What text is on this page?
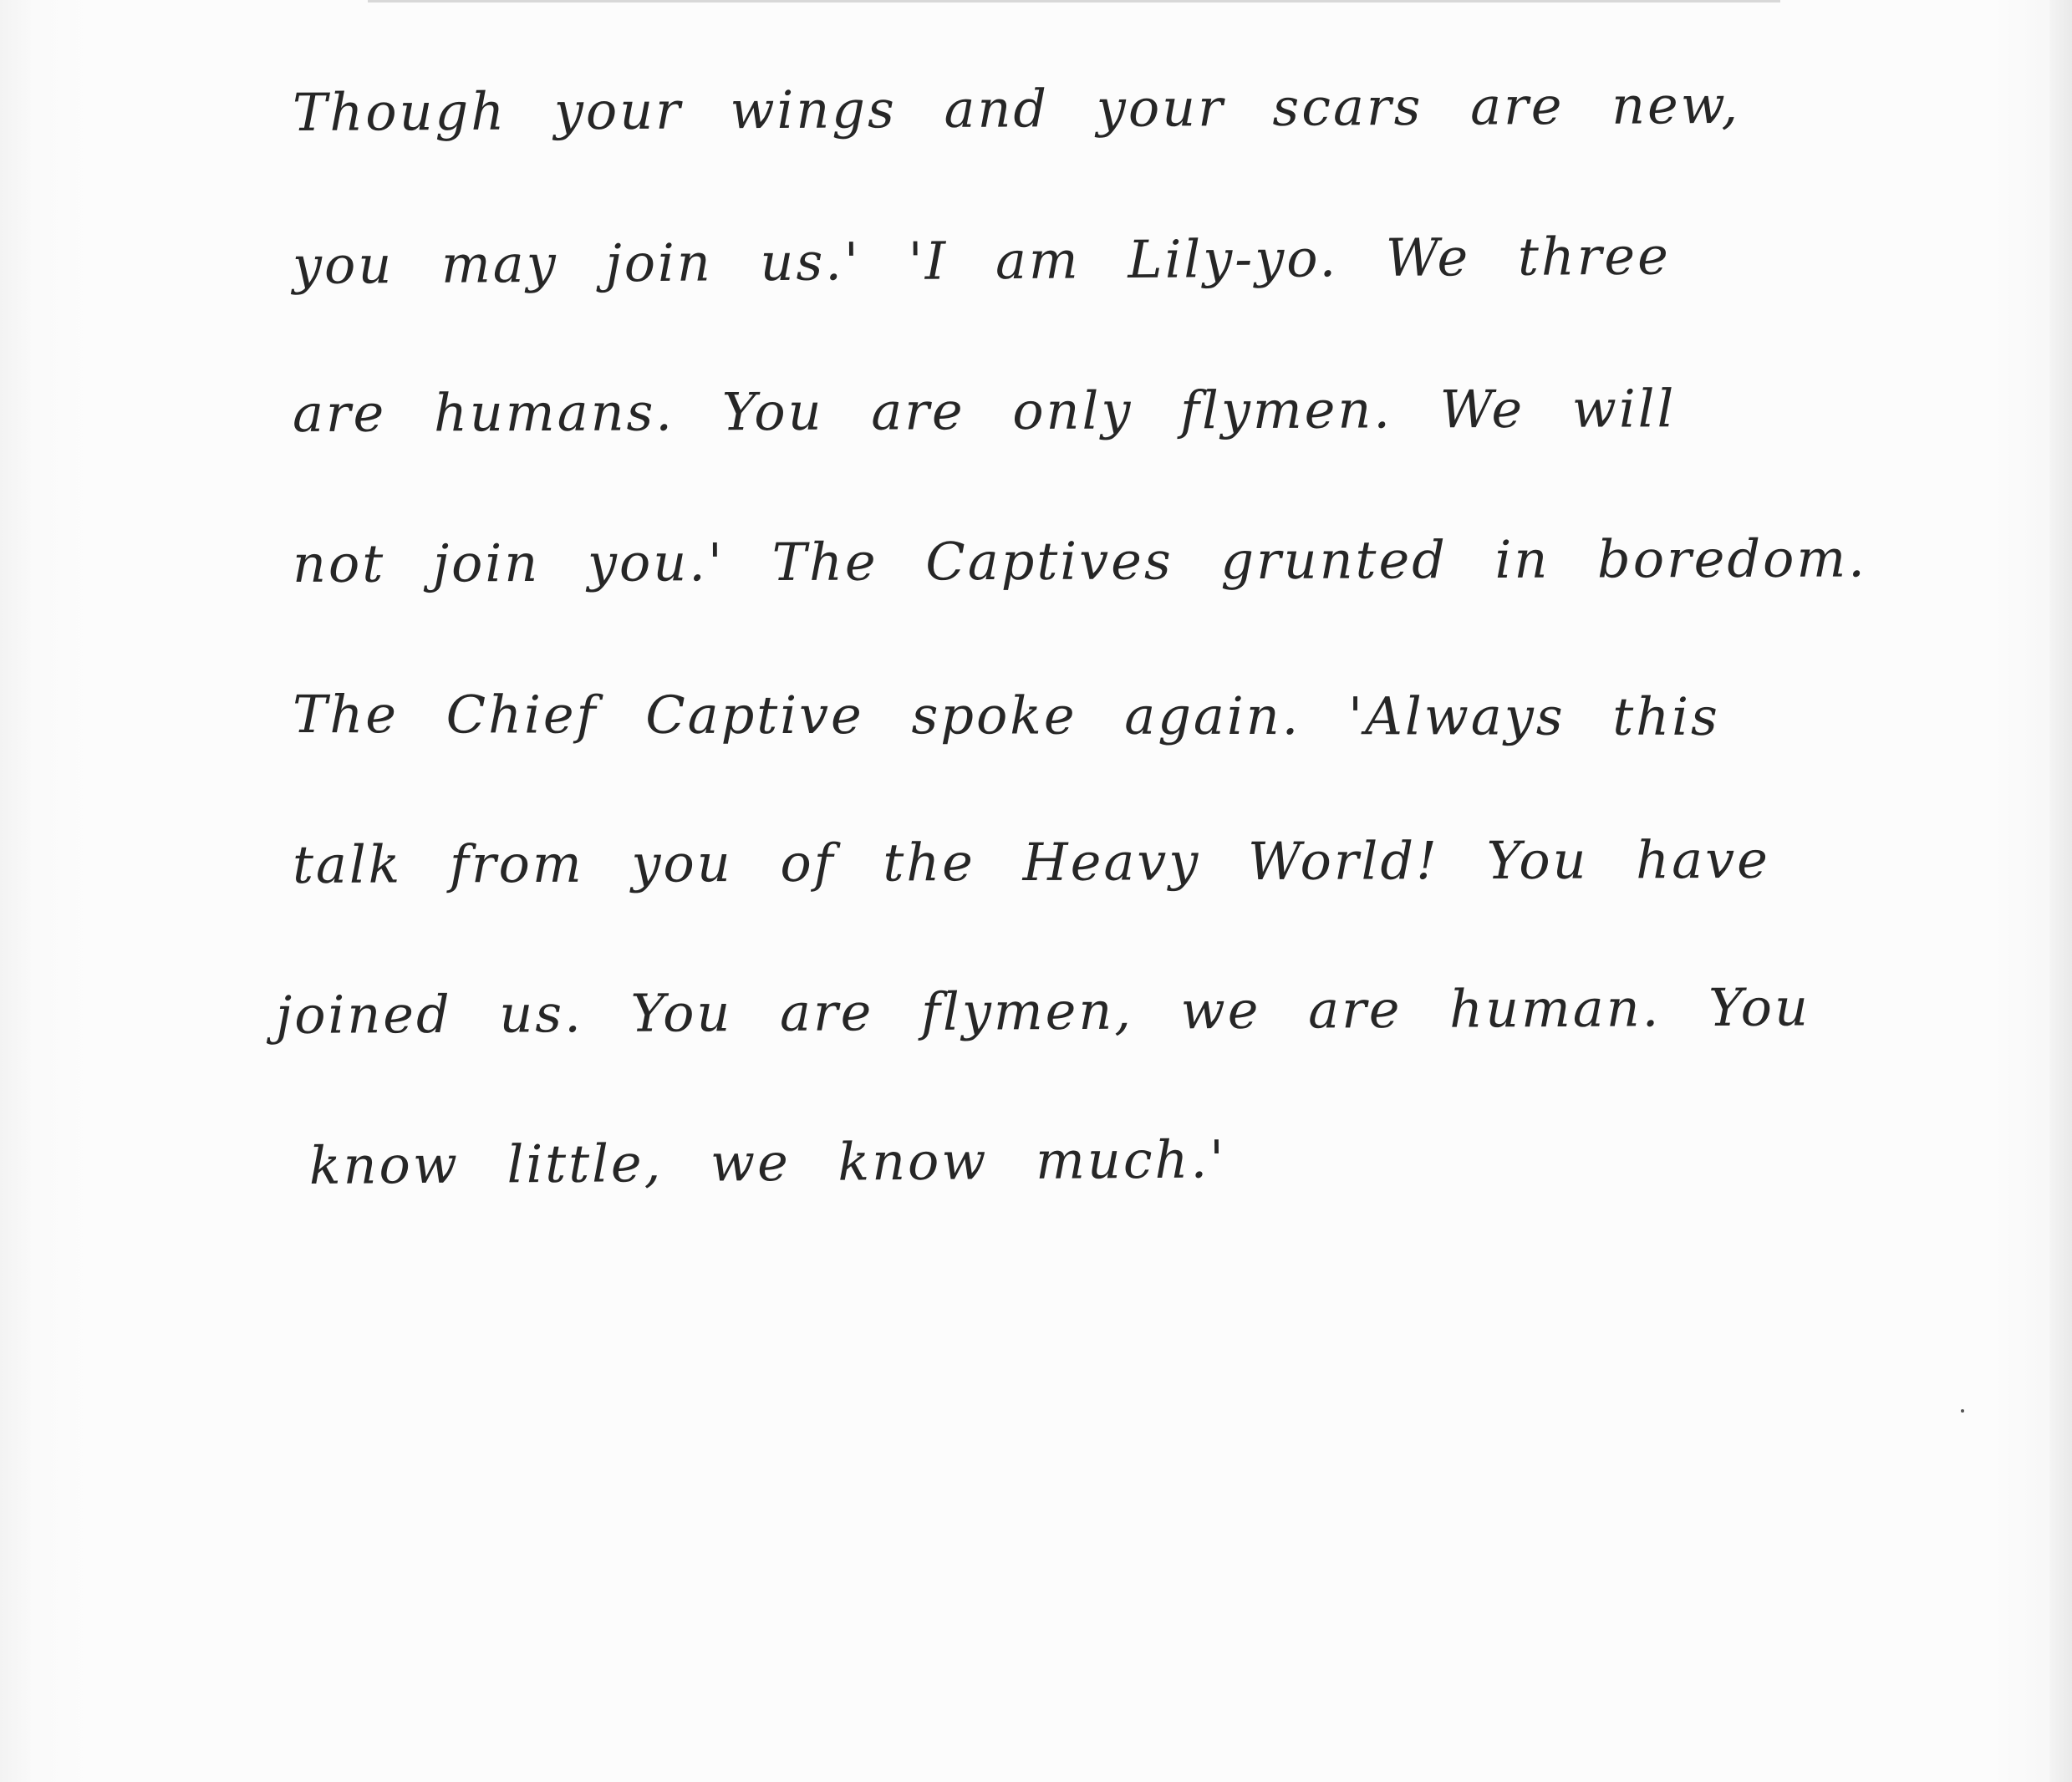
Though your wings and your scars are new,

you may join us.' 'I am Lily-yo. We three

are humans. You are only flymen. We will

not join you.' The Captives grunted in boredom.

The Chief Captive spoke again. 'Always this

talk from you of the Heavy World! You have

joined us. You are flymen, we are human. You

know little, we know much.'
